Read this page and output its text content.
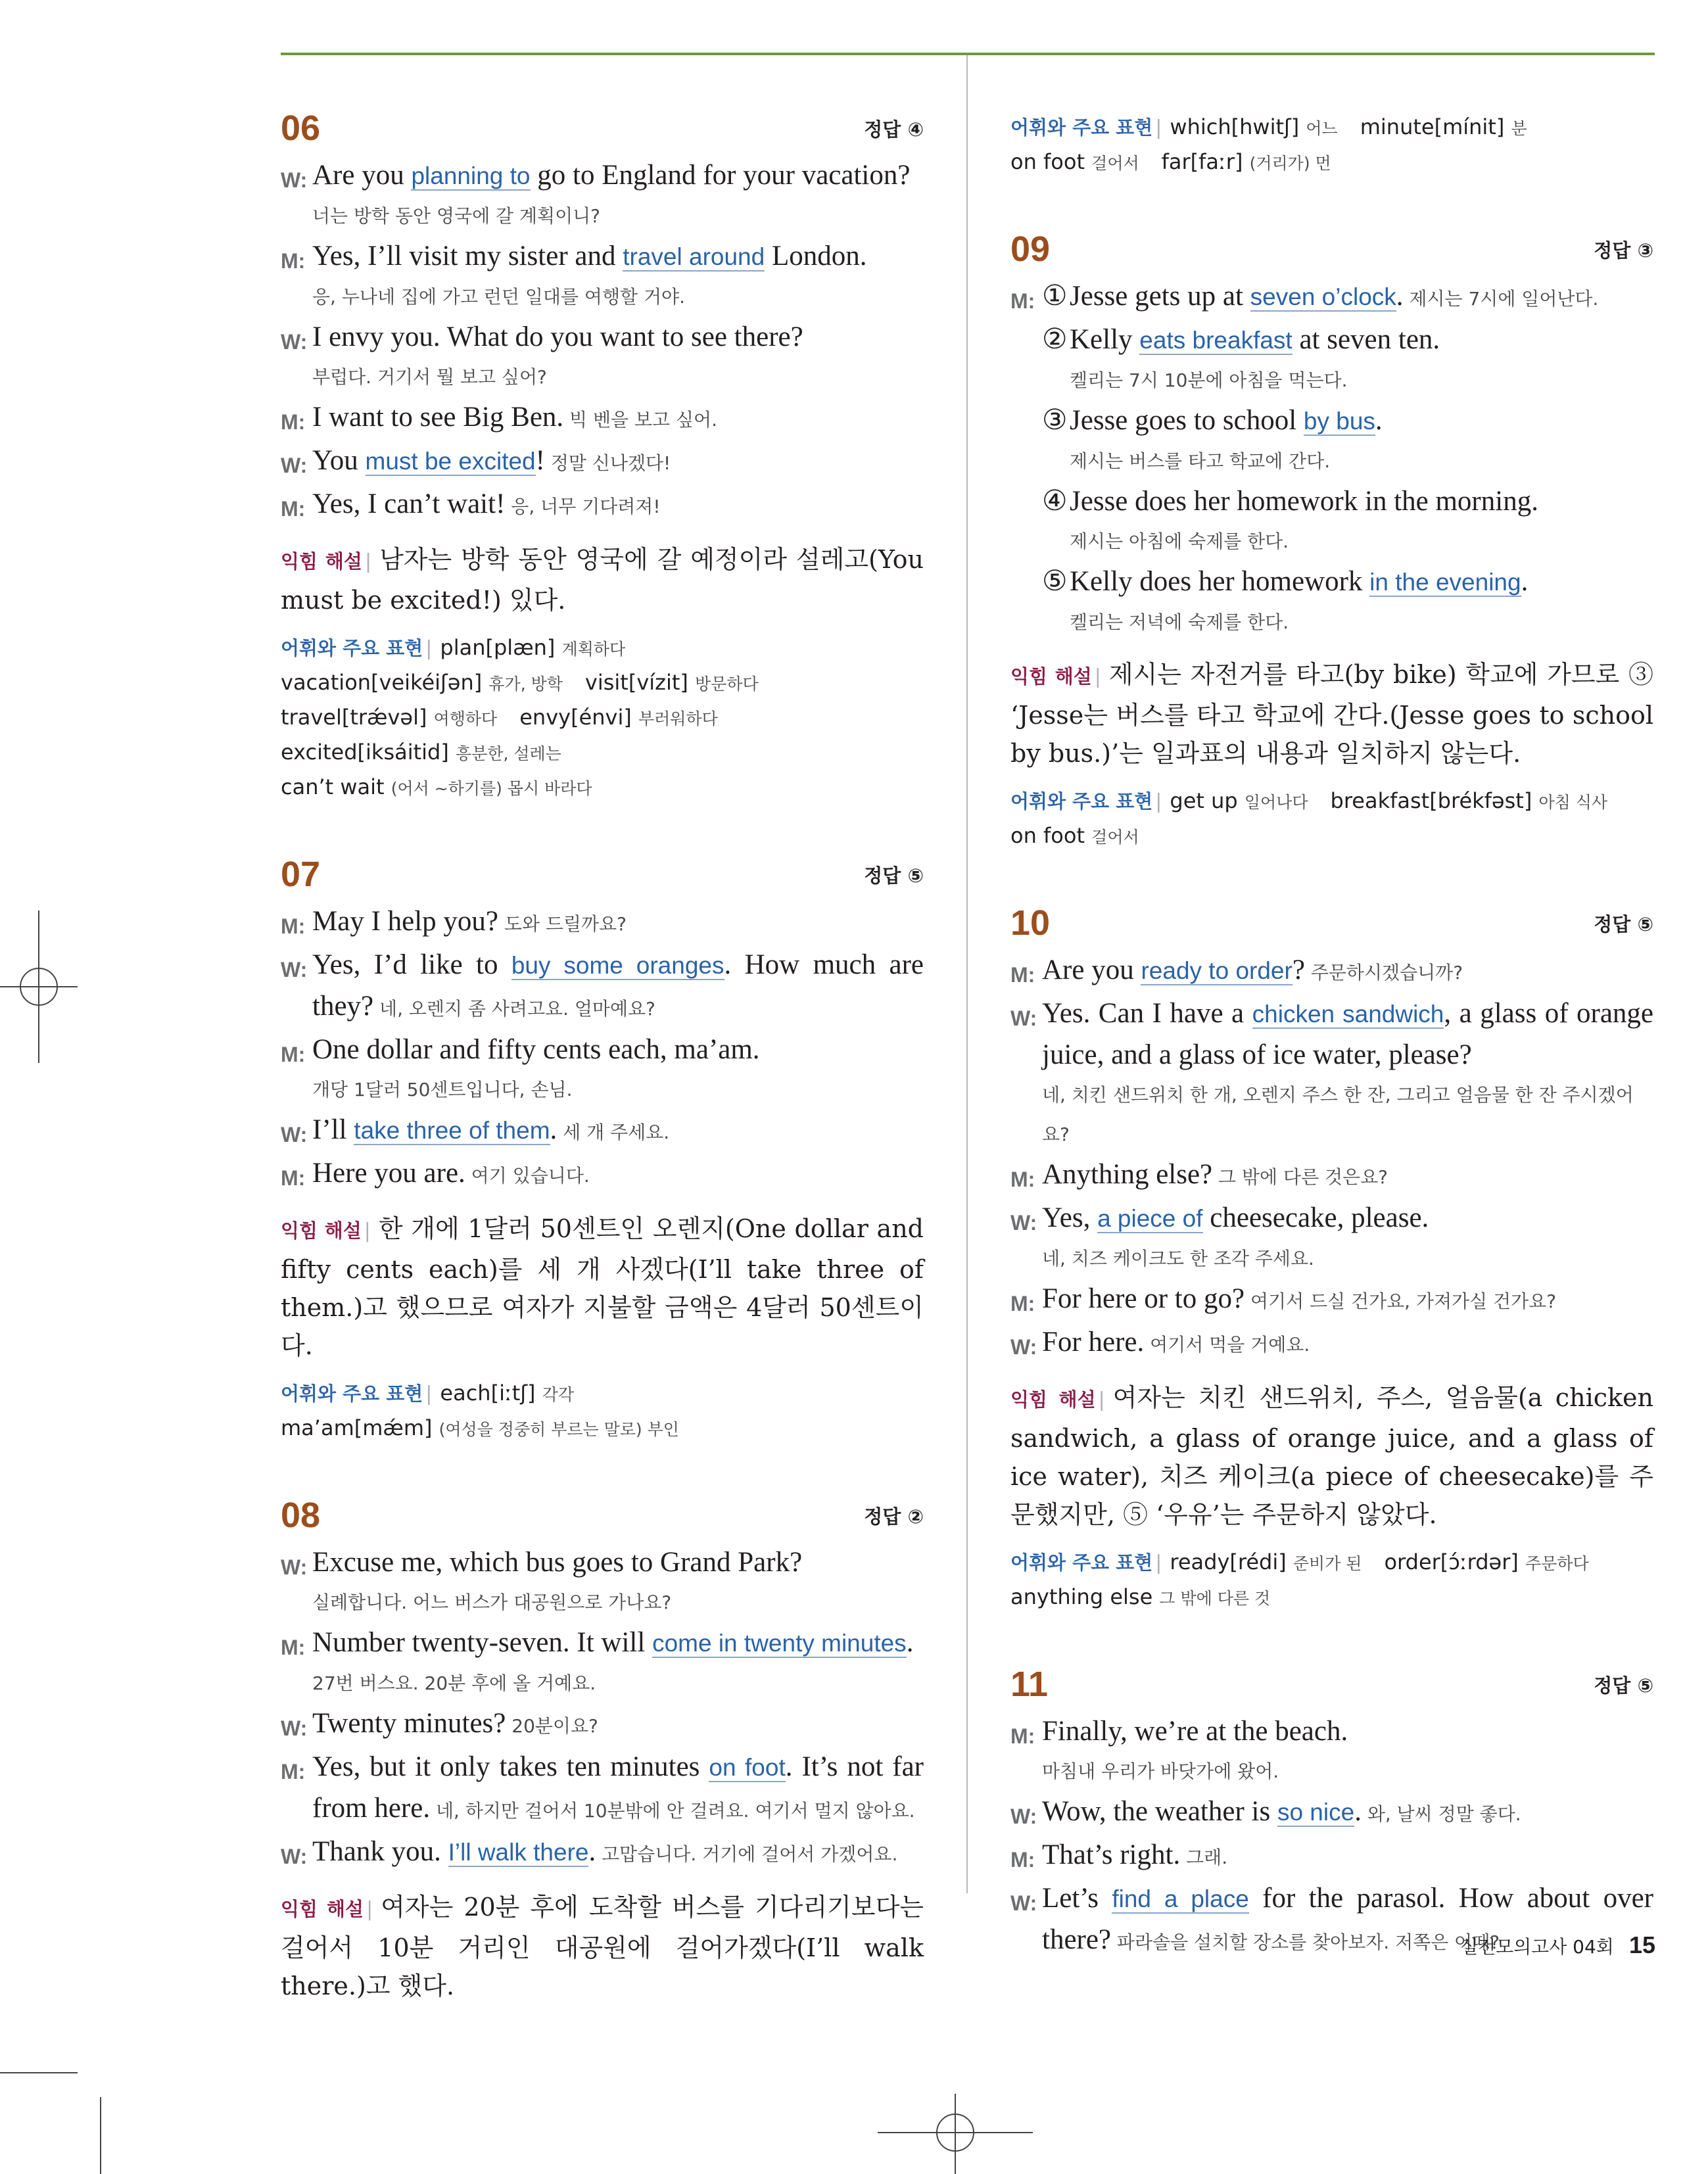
06	정답 ④
W: Are you planning to go to England for your vacation?
너는 방학 동안 영국에 갈 계획이니?
M: Yes, I’ll visit my sister and travel around London.
응, 누나네 집에 가고 런던 일대를 여행할 거야.
W: I envy you. What do you want to see there?
부럽다. 거기서 뭘 보고 싶어?
M: I want to see Big Ben. 빅 벤을 보고 싶어.
W: You must be excited! 정말 신나겠다!
M: Yes, I can’t wait! 응, 너무 기다려져!
익힘 해설 | 남자는 방학 동안 영국에 갈 예정이라 설레고(You must be excited!) 있다.
어휘와 주요 표현 | plan[plæn] 계획하다
vacation[veikéiʃən] 휴가, 방학 visit[vízit] 방문하다
travel[trǽvəl] 여행하다 envy[énvi] 부러워하다
excited[iksáitid] 흥분한, 설레는
can’t wait (어서 ~하기를) 몹시 바라다
07	정답 ⑤
M: May I help you? 도와 드릴까요?
W: Yes, I’d like to buy some oranges. How much are they? 네, 오렌지 좀 사려고요. 얼마예요?
M: One dollar and fifty cents each, ma’am.
개당 1달러 50센트입니다, 손님.
W: I’ll take three of them. 세 개 주세요.
M: Here you are. 여기 있습니다.
익힘 해설 | 한 개에 1달러 50센트인 오렌지(One dollar and fifty cents each)를 세 개 사겠다(I’ll take three of them.)고 했으므로 여자가 지불할 금액은 4달러 50센트이다.
어휘와 주요 표현 | each[iːtʃ] 각각
ma’am[mǽm] (여성을 정중히 부르는 말로) 부인
08	정답 ②
W: Excuse me, which bus goes to Grand Park?
실례합니다. 어느 버스가 대공원으로 가나요?
M: Number twenty-seven. It will come in twenty minutes.
27번 버스요. 20분 후에 올 거예요.
W: Twenty minutes? 20분이요?
M: Yes, but it only takes ten minutes on foot. It’s not far from here. 네, 하지만 걸어서 10분밖에 안 걸려요. 여기서 멀지 않아요.
W: Thank you. I’ll walk there. 고맙습니다. 거기에 걸어서 가겠어요.
익힘 해설 | 여자는 20분 후에 도착할 버스를 기다리기보다는 걸어서 10분 거리인 대공원에 걸어가겠다(I’ll walk there.)고 했다.
어휘와 주요 표현 | which[hwitʃ] 어느 minute[mínit] 분
on foot 걸어서 far[faːr] (거리가) 먼
09	정답 ③
M: ①Jesse gets up at seven o’clock. 제시는 7시에 일어난다.
②Kelly eats breakfast at seven ten.
켈리는 7시 10분에 아침을 먹는다.
③Jesse goes to school by bus.
제시는 버스를 타고 학교에 간다.
④Jesse does her homework in the morning.
제시는 아침에 숙제를 한다.
⑤Kelly does her homework in the evening.
켈리는 저녁에 숙제를 한다.
익힘 해설 | 제시는 자전거를 타고(by bike) 학교에 가므로 ③ ‘Jesse는 버스를 타고 학교에 간다.(Jesse goes to school by bus.)’는 일과표의 내용과 일치하지 않는다.
어휘와 주요 표현 | get up 일어나다 breakfast[brékfəst] 아침 식사
on foot 걸어서
10	정답 ⑤
M: Are you ready to order? 주문하시겠습니까?
W: Yes. Can I have a chicken sandwich, a glass of orange juice, and a glass of ice water, please?
네, 치킨 샌드위치 한 개, 오렌지 주스 한 잔, 그리고 얼음물 한 잔 주시겠어요?
M: Anything else? 그 밖에 다른 것은요?
W: Yes, a piece of cheesecake, please.
네, 치즈 케이크도 한 조각 주세요.
M: For here or to go? 여기서 드실 건가요, 가져가실 건가요?
W: For here. 여기서 먹을 거예요.
익힘 해설 | 여자는 치킨 샌드위치, 주스, 얼음물(a chicken sandwich, a glass of orange juice, and a glass of ice water), 치즈 케이크(a piece of cheesecake)를 주문했지만, ⑤ ‘우유’는 주문하지 않았다.
어휘와 주요 표현 | ready[rédi] 준비가 된 order[ɔ́ːrdər] 주문하다
anything else 그 밖에 다른 것
11	정답 ⑤
M: Finally, we’re at the beach.
마침내 우리가 바닷가에 왔어.
W: Wow, the weather is so nice. 와, 날씨 정말 좋다.
M: That’s right. 그래.
W: Let’s find a place for the parasol. How about over there? 파라솔을 설치할 장소를 찾아보자. 저쪽은 어때?
실전모의고사 04회 15
